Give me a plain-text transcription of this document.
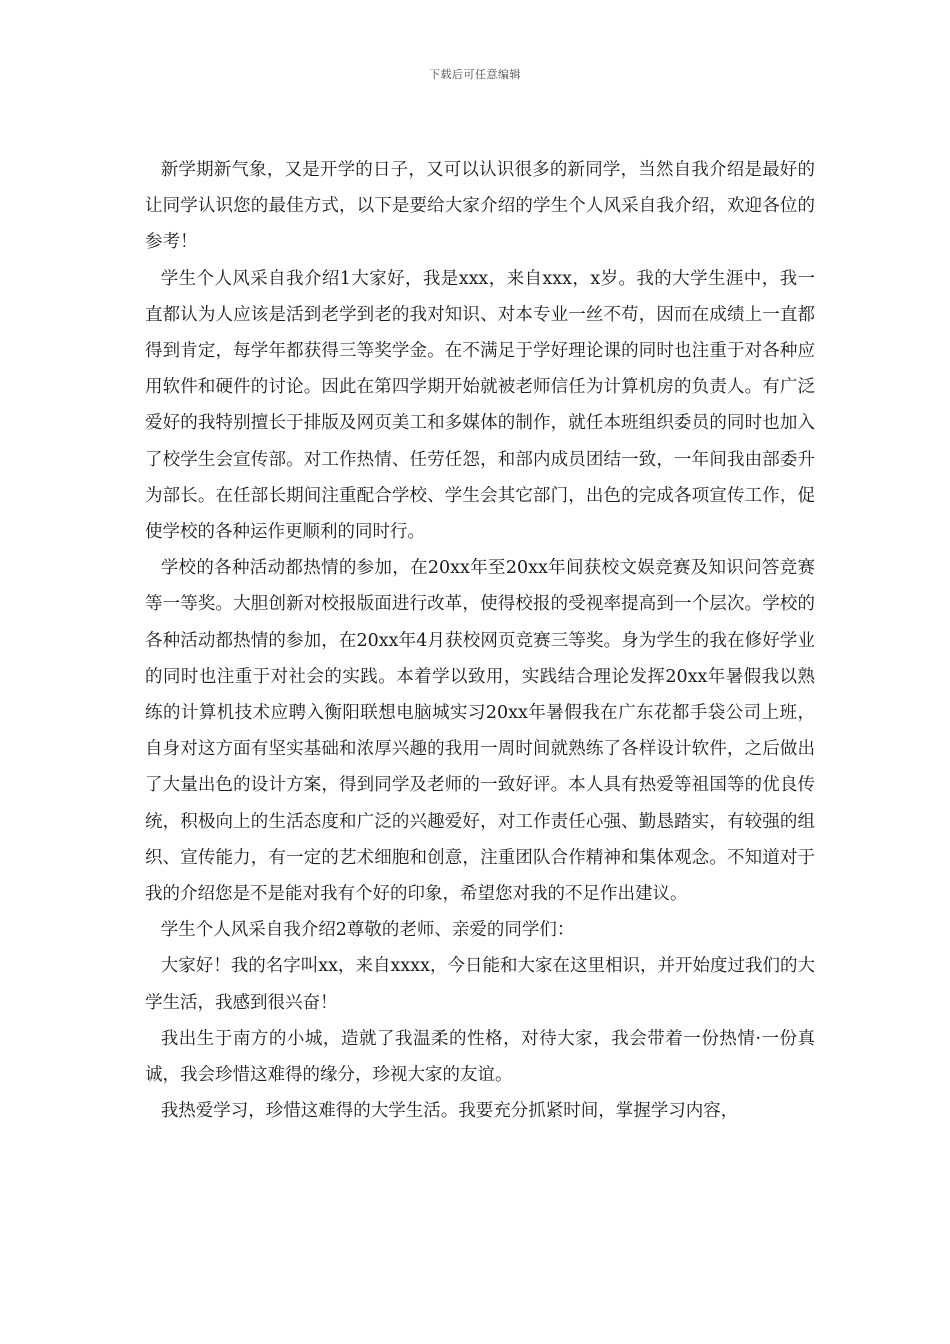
下载后可任意编辑

新学期新气象，又是开学的日子，又可以认识很多的新同学，当然自我介绍是最好的让同学认识您的最佳方式，以下是要给大家介绍的学生个人风采自我介绍，欢迎各位的参考！

学生个人风采自我介绍1大家好，我是xxx，来自xxx，x岁。我的大学生涯中，我一直都认为人应该是活到老学到老的我对知识、对本专业一丝不苟，因而在成绩上一直都得到肯定，每学年都获得三等奖学金。在不满足于学好理论课的同时也注重于对各种应用软件和硬件的讨论。因此在第四学期开始就被老师信任为计算机房的负责人。有广泛爱好的我特别擅长于排版及网页美工和多媒体的制作，就任本班组织委员的同时也加入了校学生会宣传部。对工作热情、任劳任怨，和部内成员团结一致，一年间我由部委升为部长。在任部长期间注重配合学校、学生会其它部门，出色的完成各项宣传工作，促使学校的各种运作更顺利的同时行。

学校的各种活动都热情的参加，在20xx年至20xx年间获校文娱竞赛及知识问答竞赛等一等奖。大胆创新对校报版面进行改革，使得校报的受视率提高到一个层次。学校的各种活动都热情的参加，在20xx年4月获校网页竞赛三等奖。身为学生的我在修好学业的同时也注重于对社会的实践。本着学以致用，实践结合理论发挥20xx年暑假我以熟练的计算机技术应聘入衡阳联想电脑城实习20xx年暑假我在广东花都手袋公司上班，自身对这方面有坚实基础和浓厚兴趣的我用一周时间就熟练了各样设计软件，之后做出了大量出色的设计方案，得到同学及老师的一致好评。本人具有热爱等祖国等的优良传统，积极向上的生活态度和广泛的兴趣爱好，对工作责任心强、勤恳踏实，有较强的组织、宣传能力，有一定的艺术细胞和创意，注重团队合作精神和集体观念。不知道对于我的介绍您是不是能对我有个好的印象，希望您对我的不足作出建议。

学生个人风采自我介绍2尊敬的老师、亲爱的同学们：

大家好！我的名字叫xx，来自xxxx，今日能和大家在这里相识，并开始度过我们的大学生活，我感到很兴奋！

我出生于南方的小城，造就了我温柔的性格，对待大家，我会带着一份热情·一份真诚，我会珍惜这难得的缘分，珍视大家的友谊。

我热爱学习，珍惜这难得的大学生活。我要充分抓紧时间，掌握学习内容，
